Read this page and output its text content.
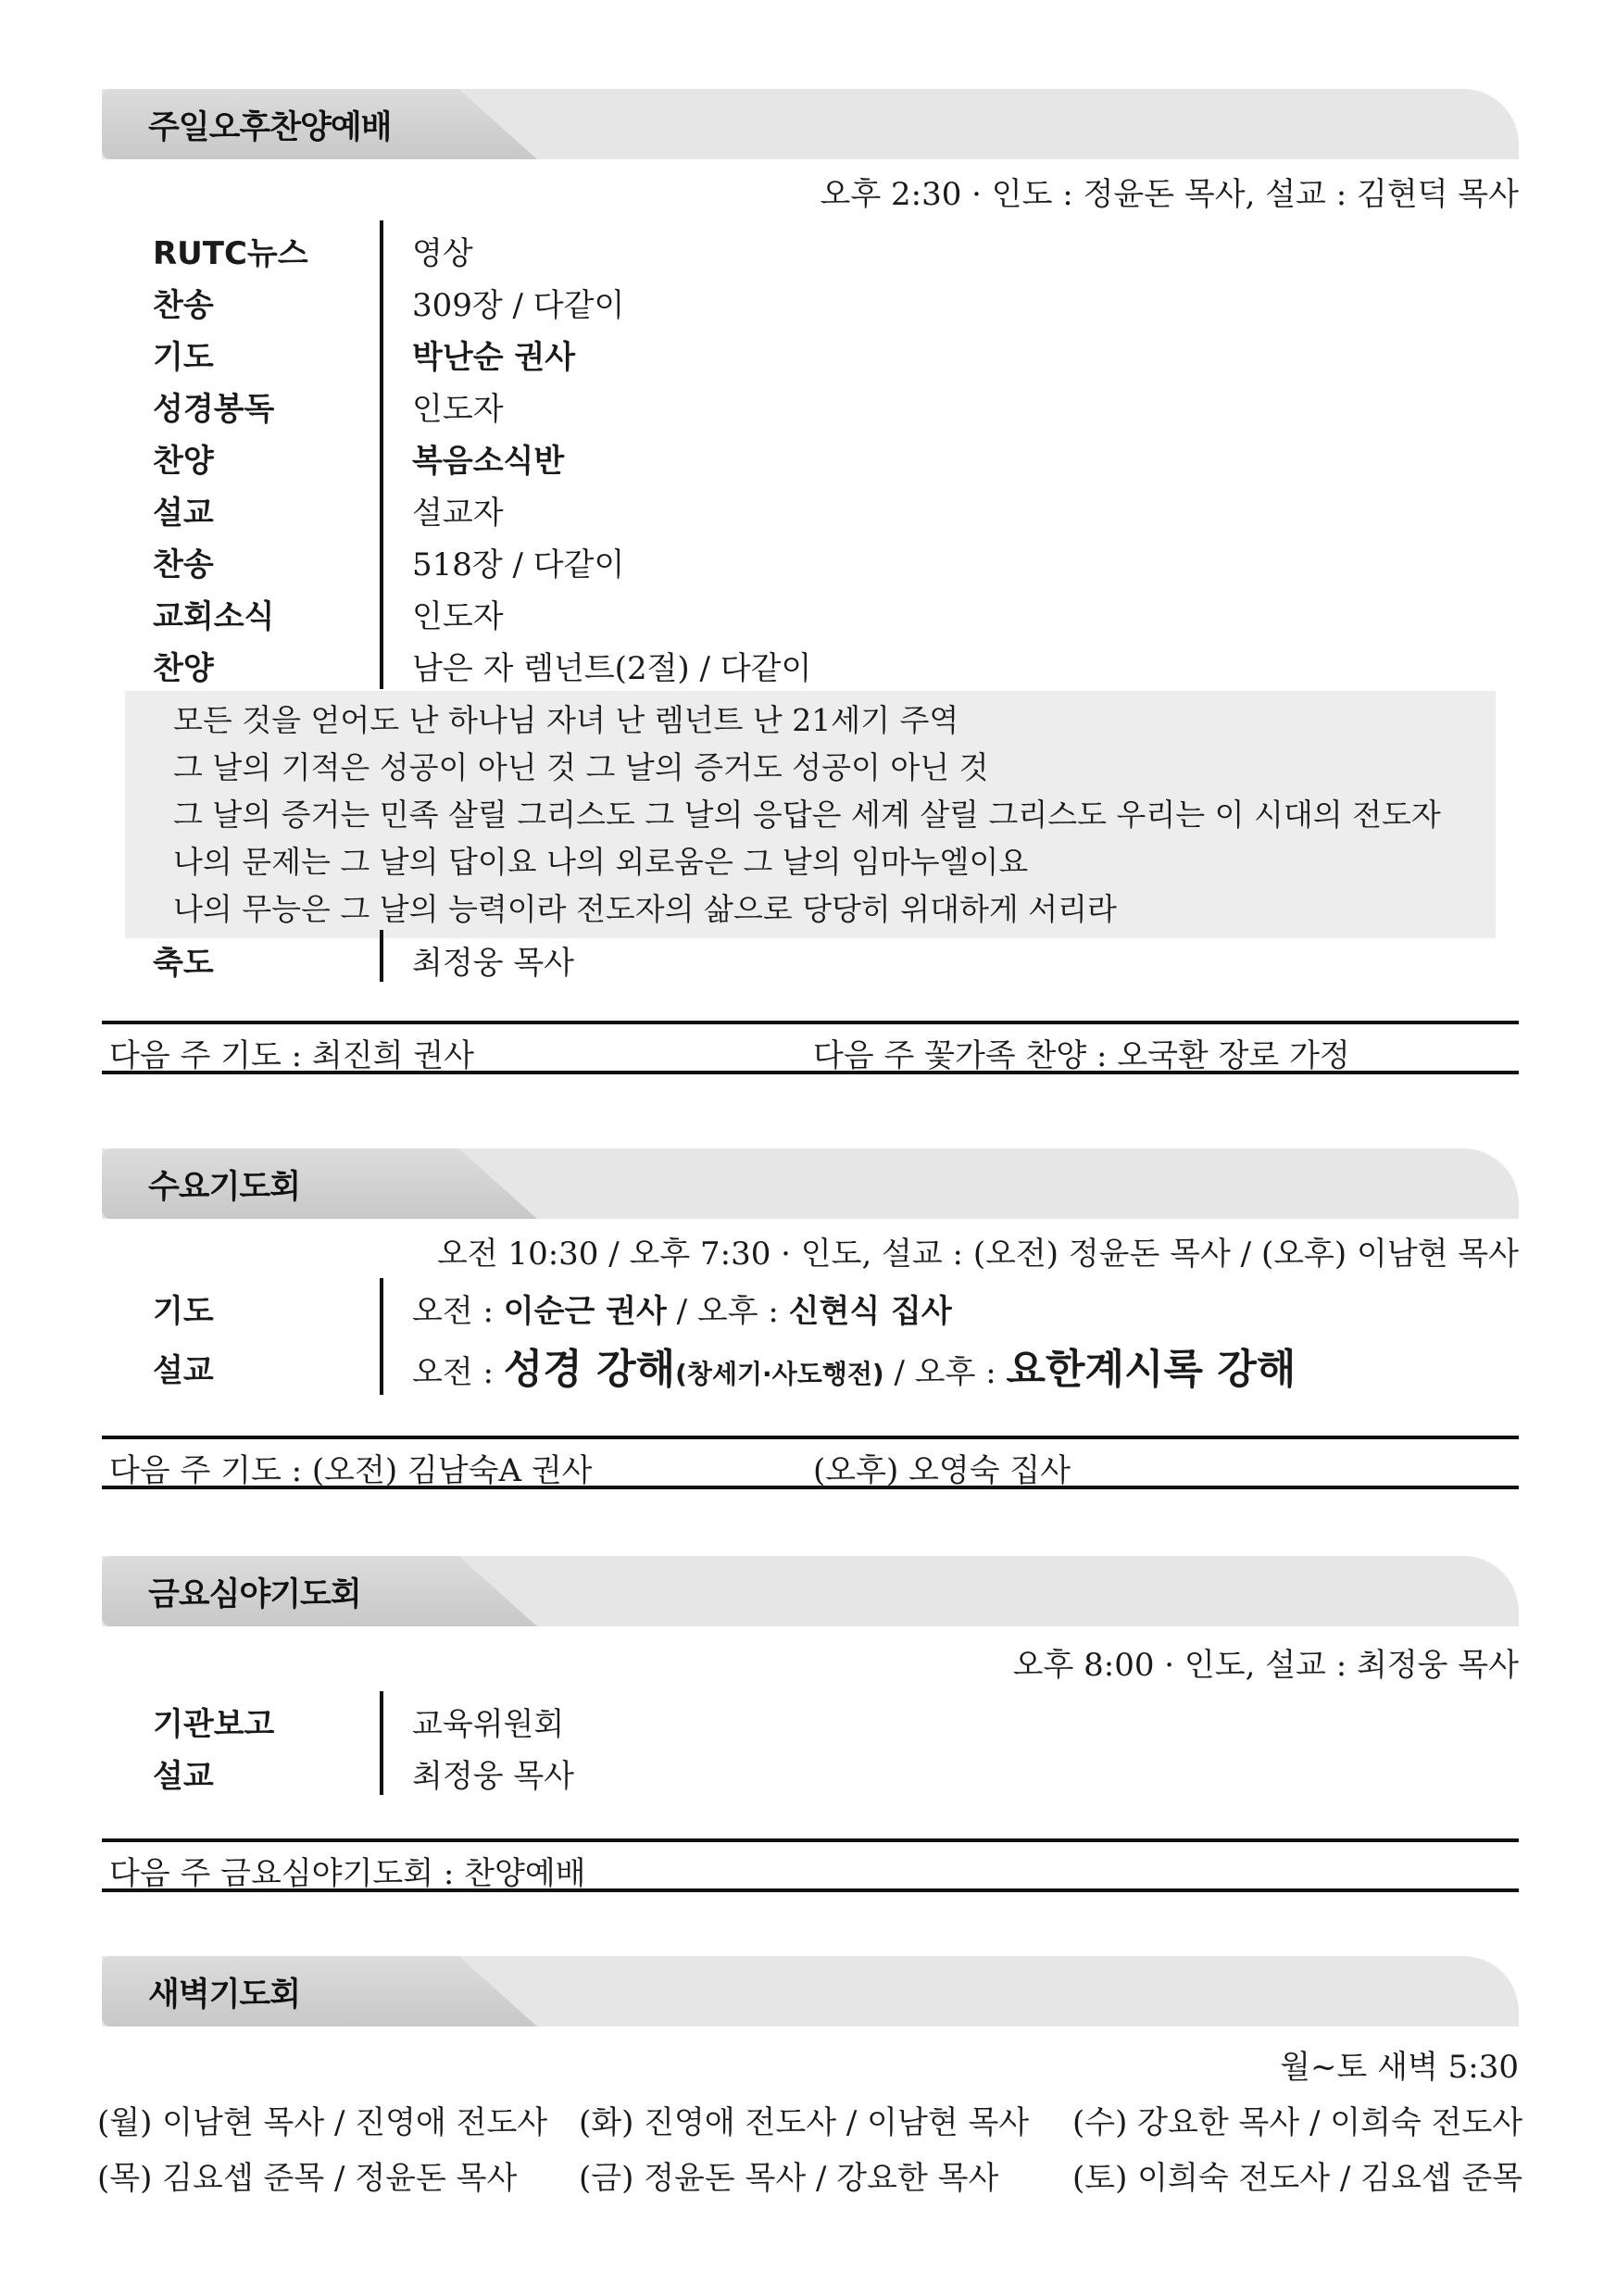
주일오후찬양예배
오후 2:30 · 인도 : 정윤돈 목사, 설교 : 김현덕 목사
RUTC뉴스	영상
찬송	309장 / 다같이
기도	박난순 권사
성경봉독	인도자
찬양	복음소식반
설교	설교자
찬송	518장 / 다같이
교회소식	인도자
찬양	남은 자 렘넌트(2절) / 다같이
모든 것을 얻어도 난 하나님 자녀 난 렘넌트 난 21세기 주역
그 날의 기적은 성공이 아닌 것 그 날의 증거도 성공이 아닌 것
그 날의 증거는 민족 살릴 그리스도 그 날의 응답은 세계 살릴 그리스도 우리는 이 시대의 전도자
나의 문제는 그 날의 답이요 나의 외로움은 그 날의 임마누엘이요
나의 무능은 그 날의 능력이라 전도자의 삶으로 당당히 위대하게 서리라
축도	최정웅 목사
다음 주 기도 : 최진희 권사	다음 주 꽃가족 찬양 : 오국환 장로 가정
수요기도회
오전 10:30 / 오후 7:30 · 인도, 설교 : (오전) 정윤돈 목사 / (오후) 이남현 목사
기도	오전 : 이순근 권사 / 오후 : 신현식 집사
설교	오전 : 성경 강해(창세기·사도행전) / 오후 : 요한계시록 강해
다음 주 기도 : (오전) 김남숙A 권사	(오후) 오영숙 집사
금요심야기도회
오후 8:00 · 인도, 설교 : 최정웅 목사
기관보고	교육위원회
설교	최정웅 목사
다음 주 금요심야기도회 : 찬양예배
새벽기도회
월~토 새벽 5:30
(월) 이남현 목사 / 진영애 전도사 (화) 진영애 전도사 / 이남현 목사 (수) 강요한 목사 / 이희숙 전도사
(목) 김요셉 준목 / 정윤돈 목사 (금) 정윤돈 목사 / 강요한 목사 (토) 이희숙 전도사 / 김요셉 준목
